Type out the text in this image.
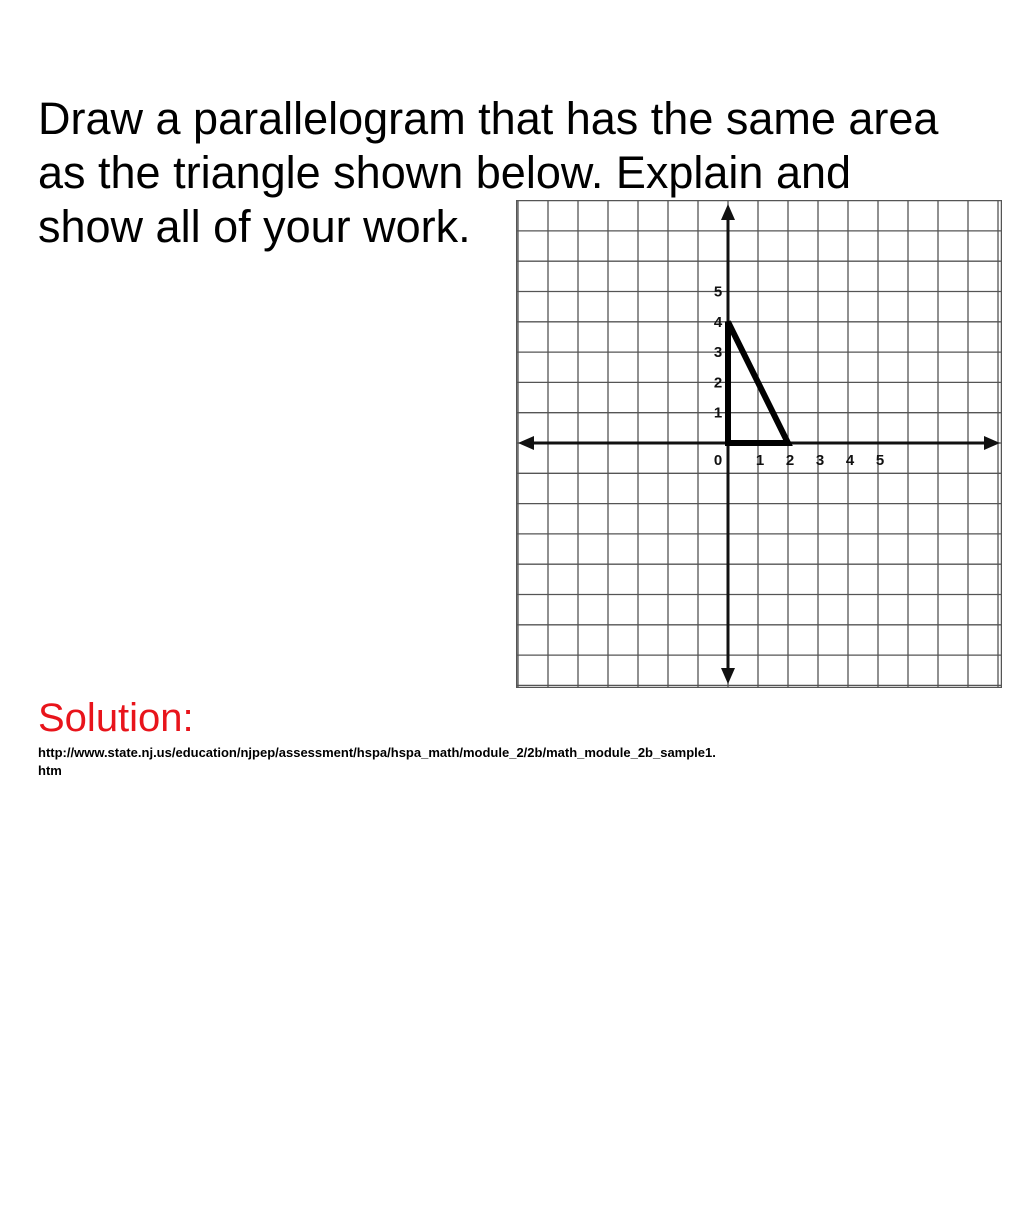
Draw a parallelogram that has the same area
as the triangle shown below. Explain and
show all of your work.
0 1 2 3 4 5
1
2
3
4
5
Solution:

http://www.state.nj.us/education/njpep/assessment/hspa/hspa_math/module_2/2b/math_module_2b_sample1.
htm
